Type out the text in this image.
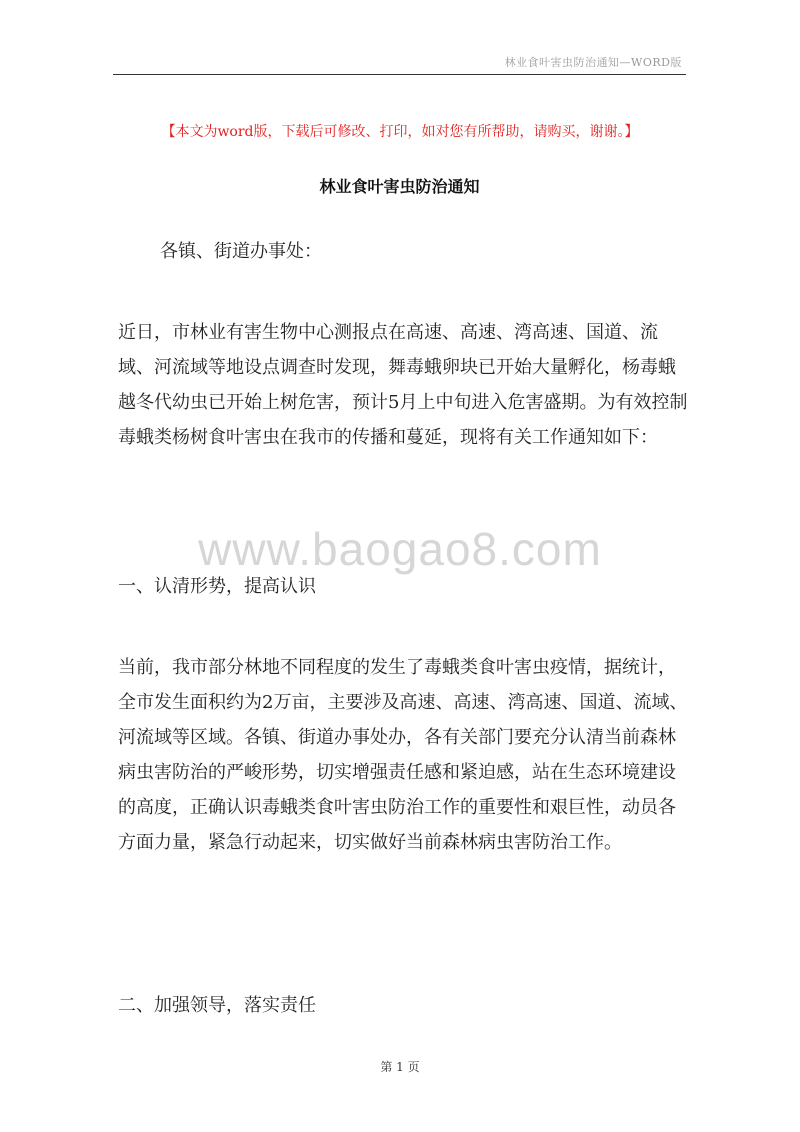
林业食叶害虫防治通知—WORD版
【本文为word版，下载后可修改、打印，如对您有所帮助，请购买，谢谢。】
林业食叶害虫防治通知

各镇、街道办事处：

近日，市林业有害生物中心测报点在高速、高速、湾高速、国道、流域、河流域等地设点调查时发现，舞毒蛾卵块已开始大量孵化，杨毒蛾越冬代幼虫已开始上树危害，预计5月上中旬进入危害盛期。为有效控制毒蛾类杨树食叶害虫在我市的传播和蔓延，现将有关工作通知如下：

www.baogao8.com

一、认清形势，提高认识

当前，我市部分林地不同程度的发生了毒蛾类食叶害虫疫情，据统计，全市发生面积约为2万亩，主要涉及高速、高速、湾高速、国道、流域、河流域等区域。各镇、街道办事处办，各有关部门要充分认清当前森林病虫害防治的严峻形势，切实增强责任感和紧迫感，站在生态环境建设的高度，正确认识毒蛾类食叶害虫防治工作的重要性和艰巨性，动员各方面力量，紧急行动起来，切实做好当前森林病虫害防治工作。

二、加强领导，落实责任

第 1 页
